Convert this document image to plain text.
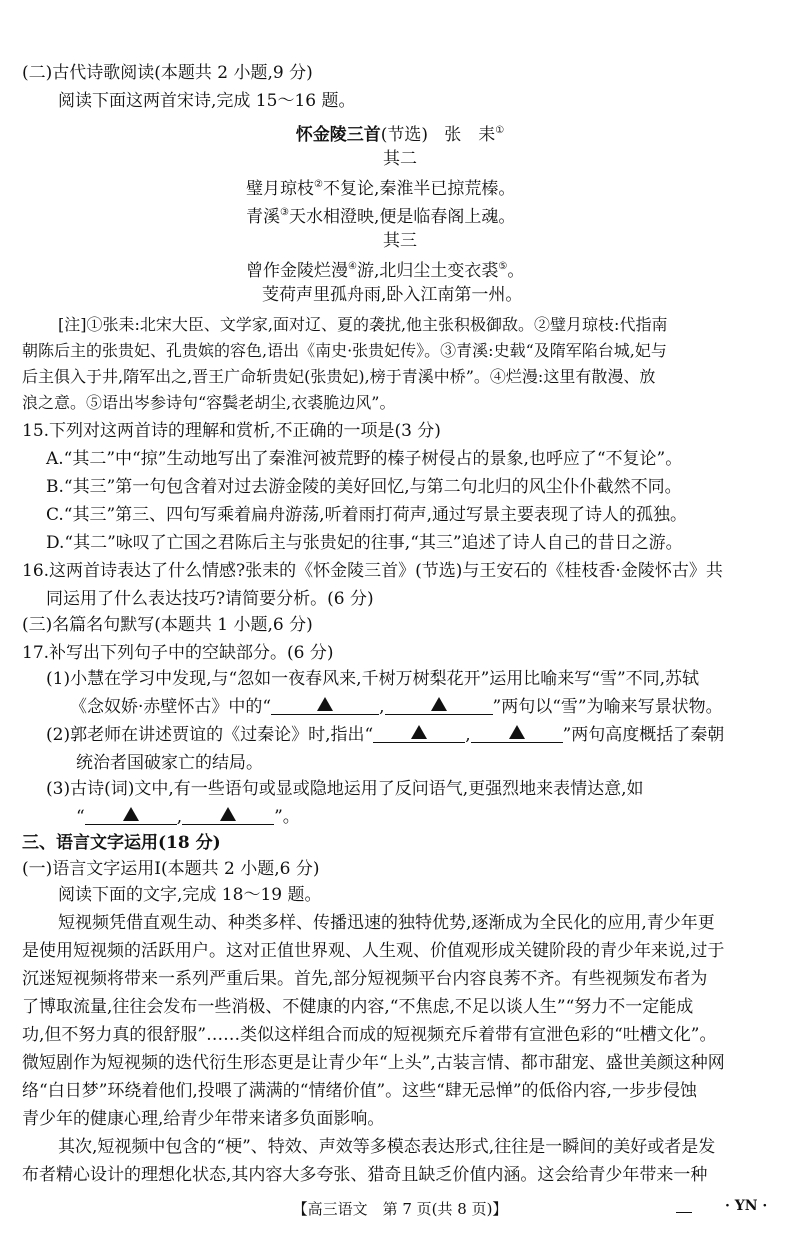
(二)古代诗歌阅读(本题共 2 小题,9 分)
阅读下面这两首宋诗,完成 15～16 题。
怀金陵三首(节选) 张　耒①
其二
璧月琼枝②不复论,秦淮半已掠荒榛。
青溪③天水相澄映,便是临春阁上魂。
其三
曾作金陵烂漫④游,北归尘土变衣裘⑤。
芰荷声里孤舟雨,卧入江南第一州。
[注]①张耒:北宋大臣、文学家,面对辽、夏的袭扰,他主张积极御敌。②璧月琼枝:代指南
朝陈后主的张贵妃、孔贵嫔的容色,语出《南史·张贵妃传》。③青溪:史载“及隋军陷台城,妃与
后主俱入于井,隋军出之,晋王广命斩贵妃(张贵妃),榜于青溪中桥”。④烂漫:这里有散漫、放
浪之意。⑤语出岑参诗句“容鬓老胡尘,衣裘脆边风”。
15.下列对这两首诗的理解和赏析,不正确的一项是(3 分)
A.“其二”中“掠”生动地写出了秦淮河被荒野的榛子树侵占的景象,也呼应了“不复论”。
B.“其三”第一句包含着对过去游金陵的美好回忆,与第二句北归的风尘仆仆截然不同。
C.“其三”第三、四句写乘着扁舟游荡,听着雨打荷声,通过写景主要表现了诗人的孤独。
D.“其二”咏叹了亡国之君陈后主与张贵妃的往事,“其三”追述了诗人自己的昔日之游。
16.这两首诗表达了什么情感?张耒的《怀金陵三首》(节选)与王安石的《桂枝香·金陵怀古》共
同运用了什么表达技巧?请简要分析。(6 分)
(三)名篇名句默写(本题共 1 小题,6 分)
17.补写出下列句子中的空缺部分。(6 分)
(1)小慧在学习中发现,与“忽如一夜春风来,千树万树梨花开”运用比喻来写“雪”不同,苏轼
《念奴娇·赤壁怀古》中的“	,	”两句以“雪”为喻来写景状物。
(2)郭老师在讲述贾谊的《过秦论》时,指出“	,	”两句高度概括了秦朝
统治者国破家亡的结局。
(3)古诗(词)文中,有一些语句或显或隐地运用了反问语气,更强烈地来表情达意,如
“	,	”。
三、语言文字运用(18 分)
(一)语言文字运用Ⅰ(本题共 2 小题,6 分)
阅读下面的文字,完成 18～19 题。
短视频凭借直观生动、种类多样、传播迅速的独特优势,逐渐成为全民化的应用,青少年更
是使用短视频的活跃用户。这对正值世界观、人生观、价值观形成关键阶段的青少年来说,过于
沉迷短视频将带来一系列严重后果。首先,部分短视频平台内容良莠不齐。有些视频发布者为
了博取流量,往往会发布一些消极、不健康的内容,“不焦虑,不足以谈人生”“努力不一定能成
功,但不努力真的很舒服”……类似这样组合而成的短视频充斥着带有宣泄色彩的“吐槽文化”。
微短剧作为短视频的迭代衍生形态更是让青少年“上头”,古装言情、都市甜宠、盛世美颜这种网
络“白日梦”环绕着他们,投喂了满满的“情绪价值”。这些“肆无忌惮”的低俗内容,一步步侵蚀
青少年的健康心理,给青少年带来诸多负面影响。
其次,短视频中包含的“梗”、特效、声效等多模态表达形式,往往是一瞬间的美好或者是发
布者精心设计的理想化状态,其内容大多夸张、猎奇且缺乏价值内涵。这会给青少年带来一种
【高三语文　第 7 页(共 8 页)】	· YN ·
